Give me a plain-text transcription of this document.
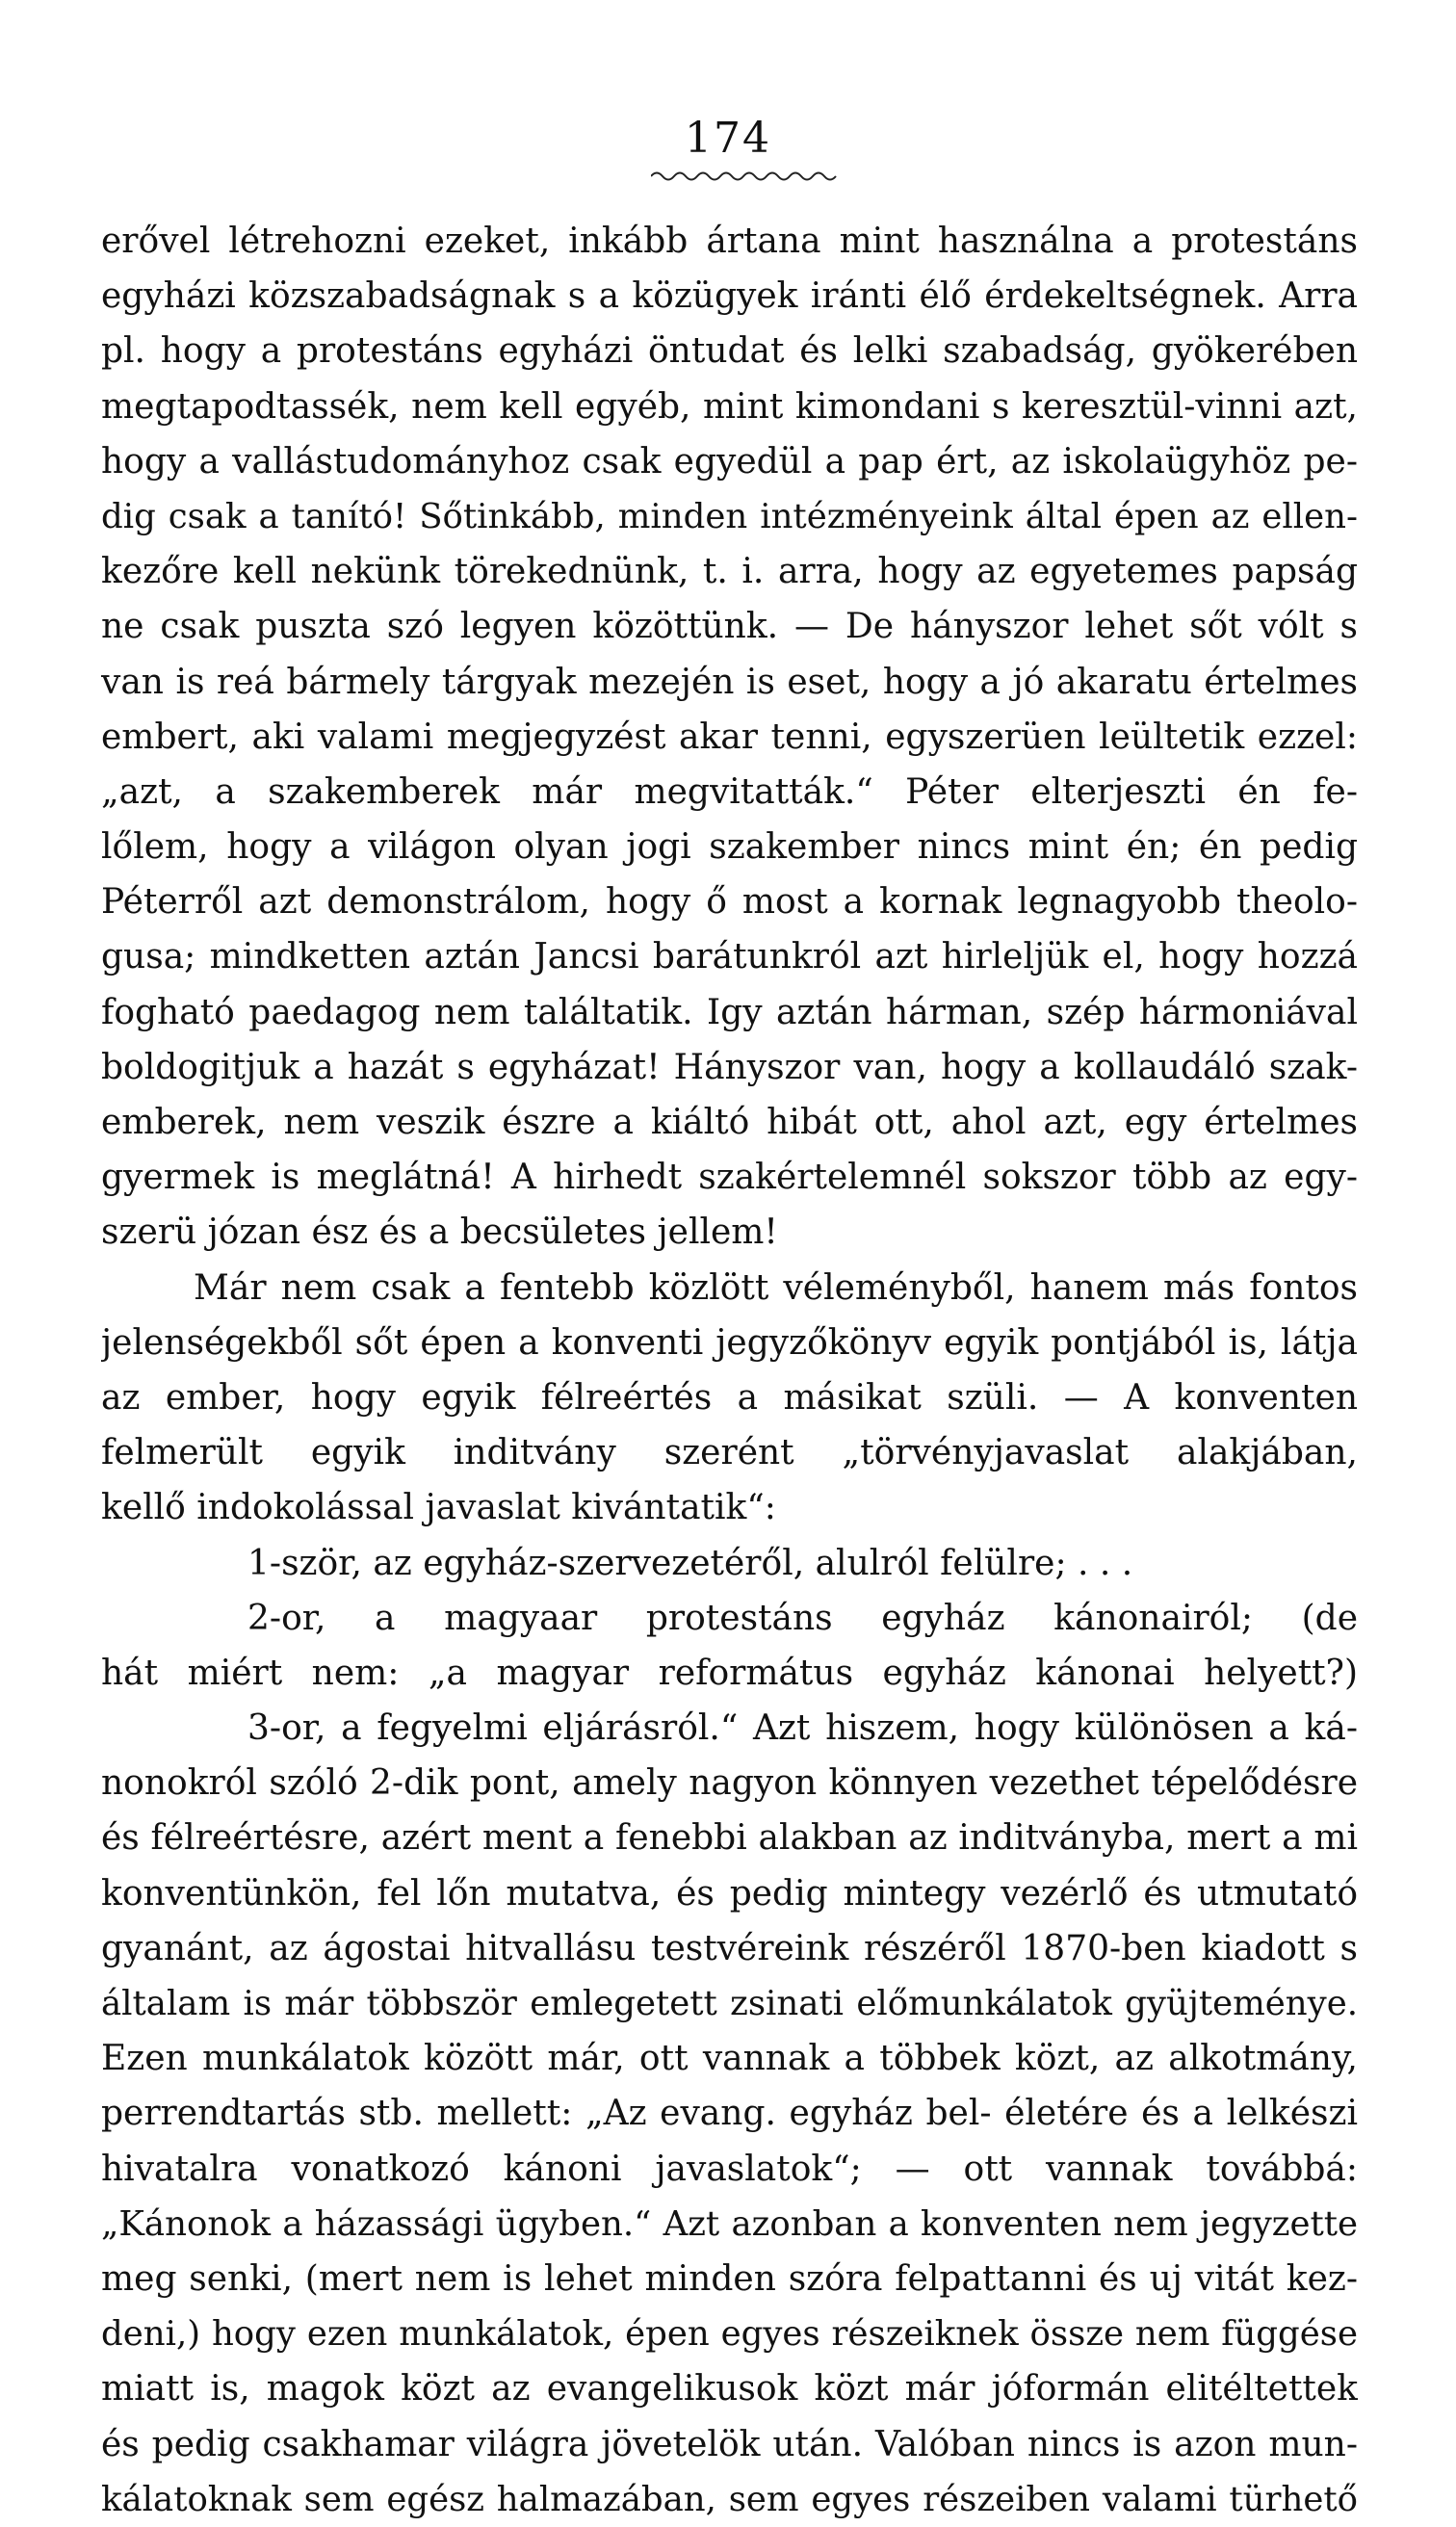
174
erővel létrehozni ezeket, inkább ártana mint használna a protestáns
egyházi közszabadságnak s a közügyek iránti élő érdekeltségnek. Arra
pl. hogy a protestáns egyházi öntudat és lelki szabadság, gyökerében
megtapodtassék, nem kell egyéb, mint kimondani s keresztül-vinni azt,
hogy a vallástudományhoz csak egyedül a pap ért, az iskolaügyhöz pe-
dig csak a tanító! Sőtinkább, minden intézményeink által épen az ellen-
kezőre kell nekünk törekednünk, t. i. arra, hogy az egyetemes papság
ne csak puszta szó legyen közöttünk. — De hányszor lehet sőt vólt s
van is reá bármely tárgyak mezején is eset, hogy a jó akaratu értelmes
embert, aki valami megjegyzést akar tenni, egyszerüen leültetik ezzel:
„azt, a szakemberek már megvitatták.“ Péter elterjeszti én fe-
lőlem, hogy a világon olyan jogi szakember nincs mint én; én pedig
Péterről azt demonstrálom, hogy ő most a kornak legnagyobb theolo-
gusa; mindketten aztán Jancsi barátunkról azt hirleljük el, hogy hozzá
fogható paedagog nem találtatik. Igy aztán hárman, szép hármoniával
boldogitjuk a hazát s egyházat! Hányszor van, hogy a kollaudáló szak-
emberek, nem veszik észre a kiáltó hibát ott, ahol azt, egy értelmes
gyermek is meglátná! A hirhedt szakértelemnél sokszor több az egy-
szerü józan ész és a becsületes jellem!
Már nem csak a fentebb közlött véleményből, hanem más fontos
jelenségekből sőt épen a konventi jegyzőkönyv egyik pontjából is, látja
az ember, hogy egyik félreértés a másikat szüli. — A konventen
felmerült egyik inditvány szerént „törvényjavaslat alakjában,
kellő indokolással javaslat kivántatik“:
1-ször, az egyház-szervezetéről, alulról felülre; . . .
2-or, a magyaar protestáns egyház kánonairól; (de
hát miért nem: „a magyar református egyház kánonai helyett?)
3-or, a fegyelmi eljárásról.“ Azt hiszem, hogy különösen a ká-
nonokról szóló 2-dik pont, amely nagyon könnyen vezethet tépelődésre
és félreértésre, azért ment a fenebbi alakban az inditványba, mert a mi
konventünkön, fel lőn mutatva, és pedig mintegy vezérlő és utmutató
gyanánt, az ágostai hitvallásu testvéreink részéről 1870-ben kiadott s
általam is már többször emlegetett zsinati előmunkálatok gyüjteménye.
Ezen munkálatok között már, ott vannak a többek közt, az alkotmány,
perrendtartás stb. mellett: „Az evang. egyház bel- életére és a lelkészi
hivatalra vonatkozó kánoni javaslatok“; — ott vannak továbbá:
„Kánonok a házassági ügyben.“ Azt azonban a konventen nem jegyzette
meg senki, (mert nem is lehet minden szóra felpattanni és uj vitát kez-
deni,) hogy ezen munkálatok, épen egyes részeiknek össze nem függése
miatt is, magok közt az evangelikusok közt már jóformán elitéltettek
és pedig csakhamar világra jövetelök után. Valóban nincs is azon mun-
kálatoknak sem egész halmazában, sem egyes részeiben valami türhető
